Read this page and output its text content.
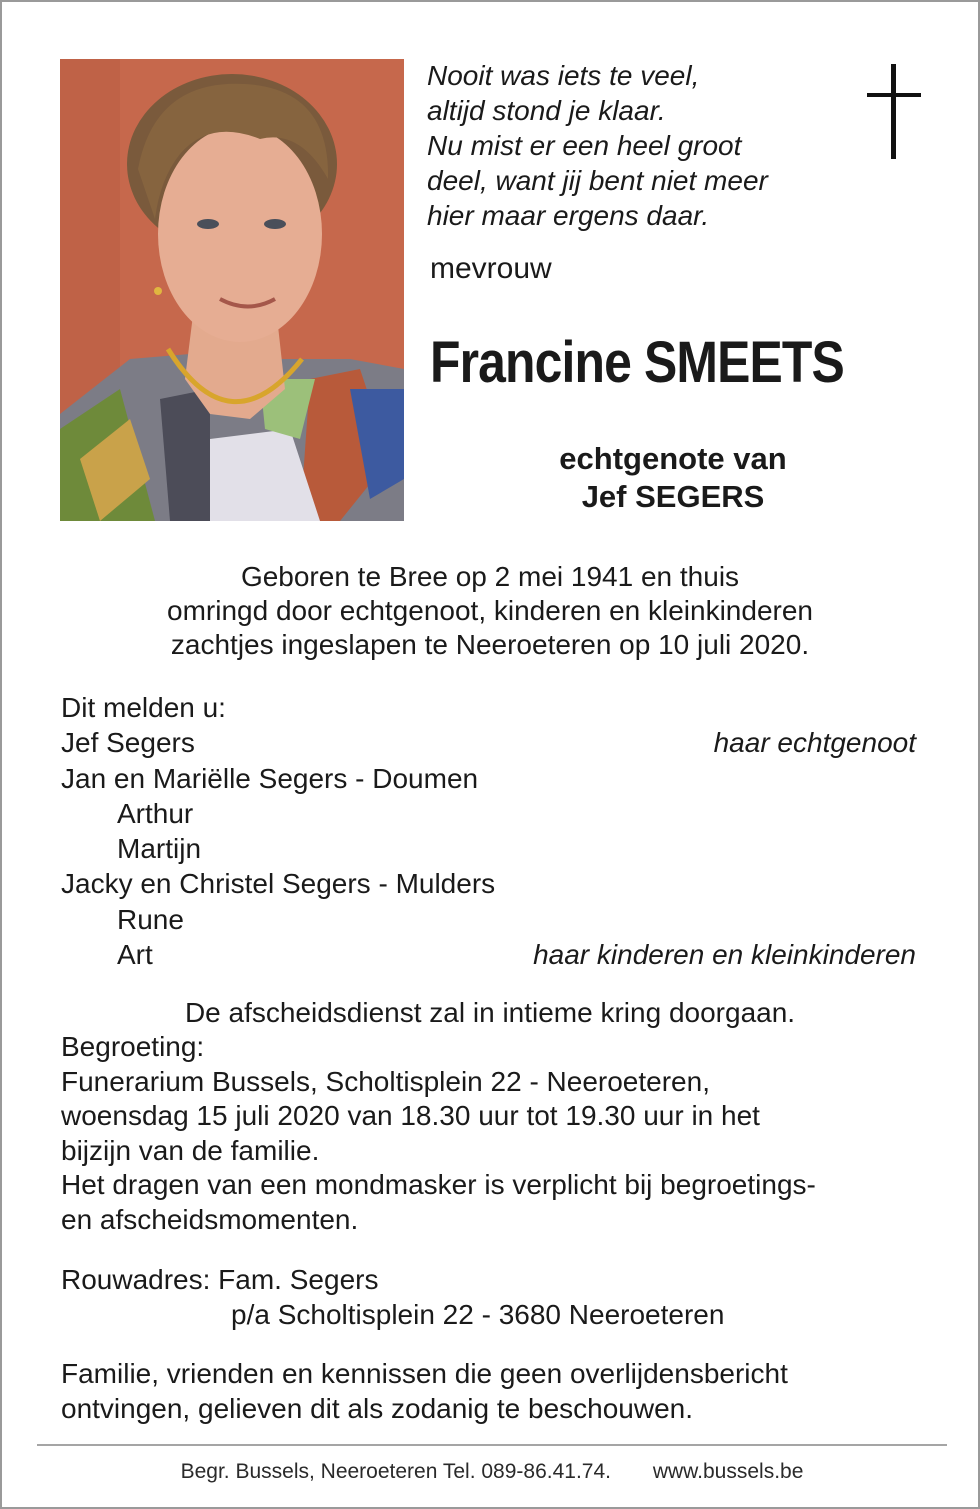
Nooit was iets te veel,
altijd stond je klaar.
Nu mist er een heel groot
deel, want jij bent niet meer
hier maar ergens daar.
mevrouw
Francine SMEETS
echtgenote van
Jef SEGERS
Geboren te Bree op 2 mei 1941 en thuis
omringd door echtgenoot, kinderen en kleinkinderen
zachtjes ingeslapen te Neeroeteren op 10 juli 2020.
Dit melden u:
Jef Segers	haar echtgenoot
Jan en Mariëlle Segers - Doumen
Arthur
Martijn
Jacky en Christel Segers - Mulders
Rune
Art	haar kinderen en kleinkinderen
De afscheidsdienst zal in intieme kring doorgaan.
Begroeting:
Funerarium Bussels, Scholtisplein 22 - Neeroeteren,
woensdag 15 juli 2020 van 18.30 uur tot 19.30 uur in het
bijzijn van de familie.
Het dragen van een mondmasker is verplicht bij begroetings-
en afscheidsmomenten.
Rouwadres: Fam. Segers
p/a Scholtisplein 22 - 3680 Neeroeteren
Familie, vrienden en kennissen die geen overlijdensbericht
ontvingen, gelieven dit als zodanig te beschouwen.
Begr. Bussels, Neeroeteren Tel. 089-86.41.74. www.bussels.be
